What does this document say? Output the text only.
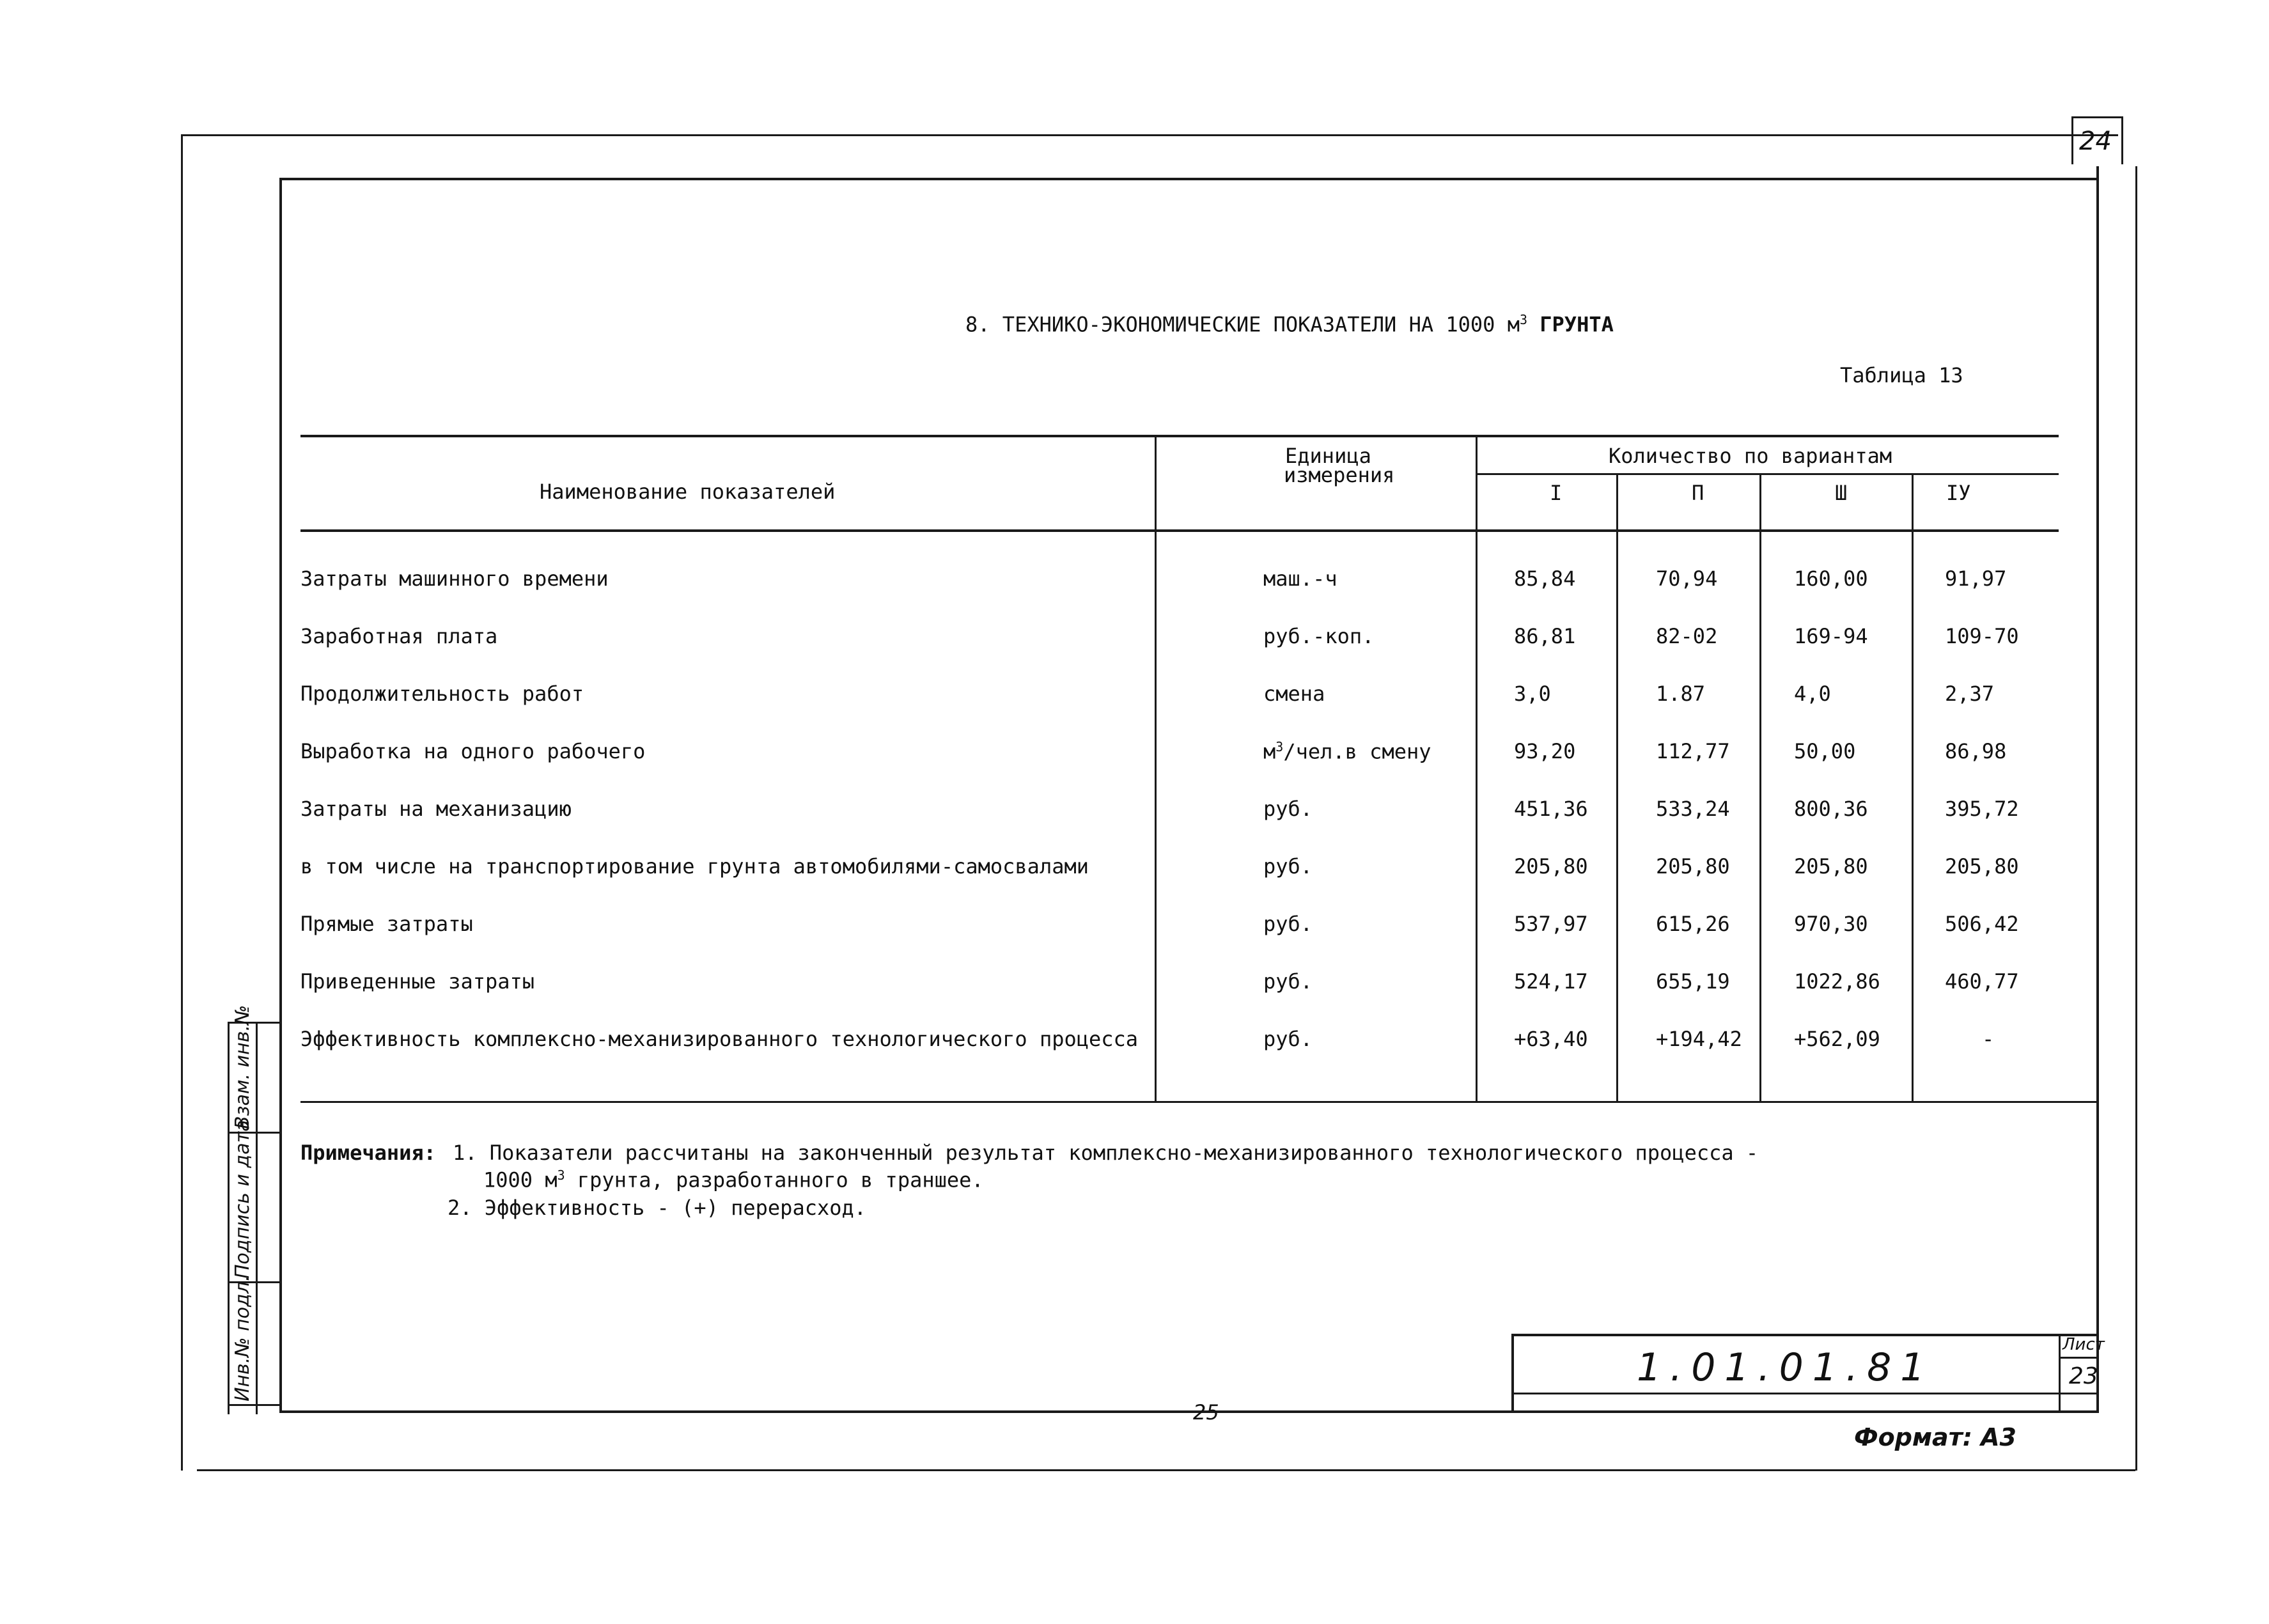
24
8. ТЕХНИКО-ЭКОНОМИЧЕСКИЕ ПОКАЗАТЕЛИ НА 1000 $м^3$ ГРУНТА
Таблица 13
Наименование показателей
Единица
измерения
Количество по вариантам
I	П	Ш	IУ
Затраты машинного времени	маш.-ч	85,84	70,94	160,00	91,97
Заработная плата	руб.-коп.	86,81	82-02	169-94	109-70
Продолжительность работ	смена	3,0	1.87	4,0	2,37
Выработка на одного рабочего	$м^3/чел.в$ смену	93,20	112,77	50,00	86,98
Затраты на механизацию	руб.	451,36	533,24	800,36	395,72
в том числе на транспортирование грунта автомобилями-самосвалами	руб.	205,80	205,80	205,80	205,80
Прямые затраты	руб.	537,97	615,26	970,30	506,42
Приведенные затраты	руб.	524,17	655,19	1022,86	460,77
Эффективность комплексно-механизированного технологического процесса	руб.	+63,40	+194,42	+562,09	-
Примечания: 1. Показатели рассчитаны на законченный результат комплексно-механизированного технологического процесса -
1000 $м^3$ грунта, разработанного в траншее.
2. Эффективность - (+) перерасход.
1.01.01.81
Лист
23
25
Формат: А3
Инв.№ подл.
Подпись и дата
Взам. инв.№
